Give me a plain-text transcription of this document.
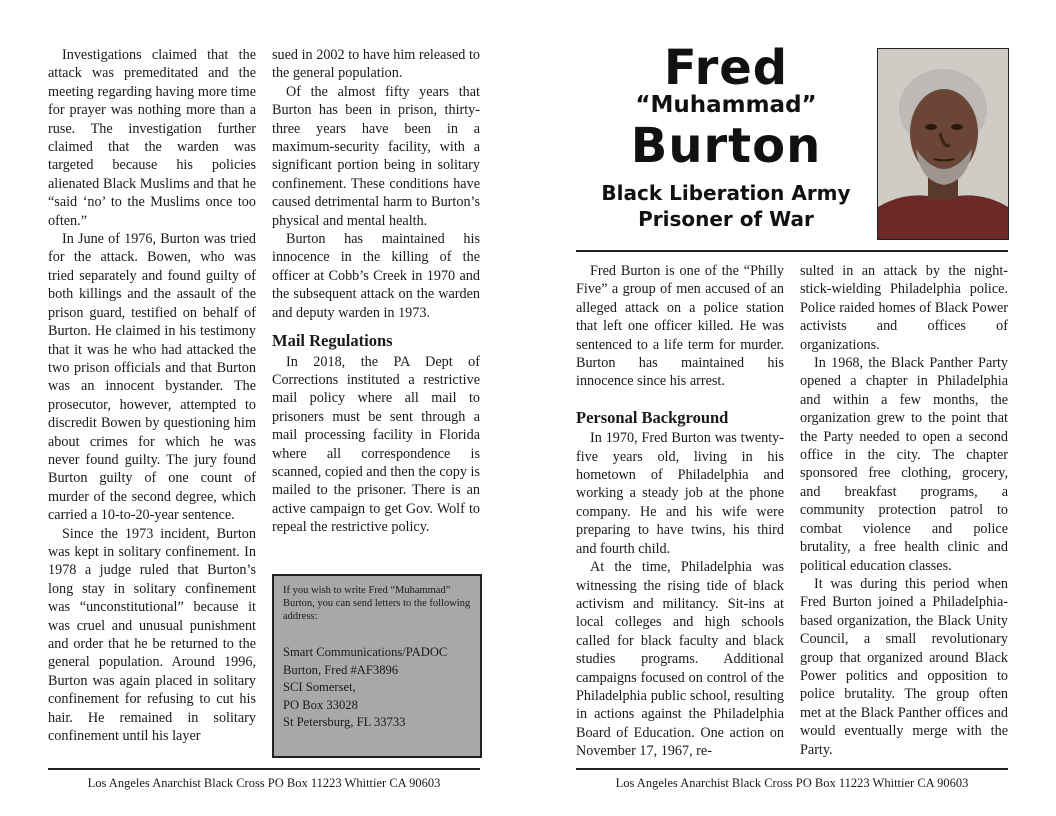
Investigations claimed that the attack was premeditated and the meeting regarding having more time for prayer was nothing more than a ruse. The investigation further claimed that the warden was targeted because his policies alienated Black Muslims and that he “said ‘no’ to the Muslims once too often.”

In June of 1976, Burton was tried for the attack. Bowen, who was tried separately and found guilty of both killings and the assault of the prison guard, testified on behalf of Burton. He claimed in his testimony that it was he who had attacked the two prison officials and that Burton was an innocent bystander. The prosecutor, however, attempted to discredit Bowen by questioning him about crimes for which he was never found guilty. The jury found Burton guilty of one count of murder of the second degree, which carried a 10-to-20-year sentence.

Since the 1973 incident, Burton was kept in solitary confinement. In 1978 a judge ruled that Burton’s long stay in solitary confinement was “unconstitutional” because it was cruel and unusual punishment and order that he be returned to the general population. Around 1996, Burton was again placed in solitary confinement for refusing to cut his hair. He remained in solitary confinement until his layer

sued in 2002 to have him released to the general population.

Of the almost fifty years that Burton has been in prison, thirty-three years have been in a maximum-security facility, with a significant portion being in solitary confinement. These conditions have caused detrimental harm to Burton’s physical and mental health.

Burton has maintained his innocence in the killing of the officer at Cobb’s Creek in 1970 and the subsequent attack on the warden and deputy warden in 1973.

Mail Regulations

In 2018, the PA Dept of Corrections instituted a restrictive mail policy where all mail to prisoners must be sent through a mail processing facility in Florida where all correspondence is scanned, copied and then the copy is mailed to the prisoner. There is an active campaign to get Gov. Wolf to repeal the restrictive policy.

If you wish to write Fred “Muhammad” Burton, you can send letters to the following address:
Smart Communications/PADOC
Burton, Fred #AF3896
SCI Somerset,
PO Box 33028
St Petersburg, FL 33733
Los Angeles Anarchist Black Cross PO Box 11223 Whittier CA 90603
Fred
“Muhammad”
Burton
Black Liberation Army
Prisoner of War

Fred Burton is one of the “Philly Five” a group of men accused of an alleged attack on a police station that left one officer killed. He was sentenced to a life term for murder. Burton has maintained his innocence since his arrest.

Personal Background

In 1970, Fred Burton was twenty-five years old, living in his hometown of Philadelphia and working a steady job at the phone company. He and his wife were preparing to have twins, his third and fourth child.

At the time, Philadelphia was witnessing the rising tide of black activism and militancy. Sit-ins at local colleges and high schools called for black faculty and black studies programs. Additional campaigns focused on control of the Philadelphia public school, resulting in actions against the Philadelphia Board of Education. One action on November 17, 1967, re-

sulted in an attack by the night-stick-wielding Philadelphia police. Police raided homes of Black Power activists and offices of organizations.

In 1968, the Black Panther Party opened a chapter in Philadelphia and within a few months, the organization grew to the point that the Party needed to open a second office in the city. The chapter sponsored free clothing, grocery, and breakfast programs, a community protection patrol to combat violence and police brutality, a free health clinic and political education classes.

It was during this period when Fred Burton joined a Philadelphia-based organization, the Black Unity Council, a small revolutionary group that organized around Black Power politics and opposition to police brutality. The group often met at the Black Panther offices and would eventually merge with the Party.

Los Angeles Anarchist Black Cross PO Box 11223 Whittier CA 90603
